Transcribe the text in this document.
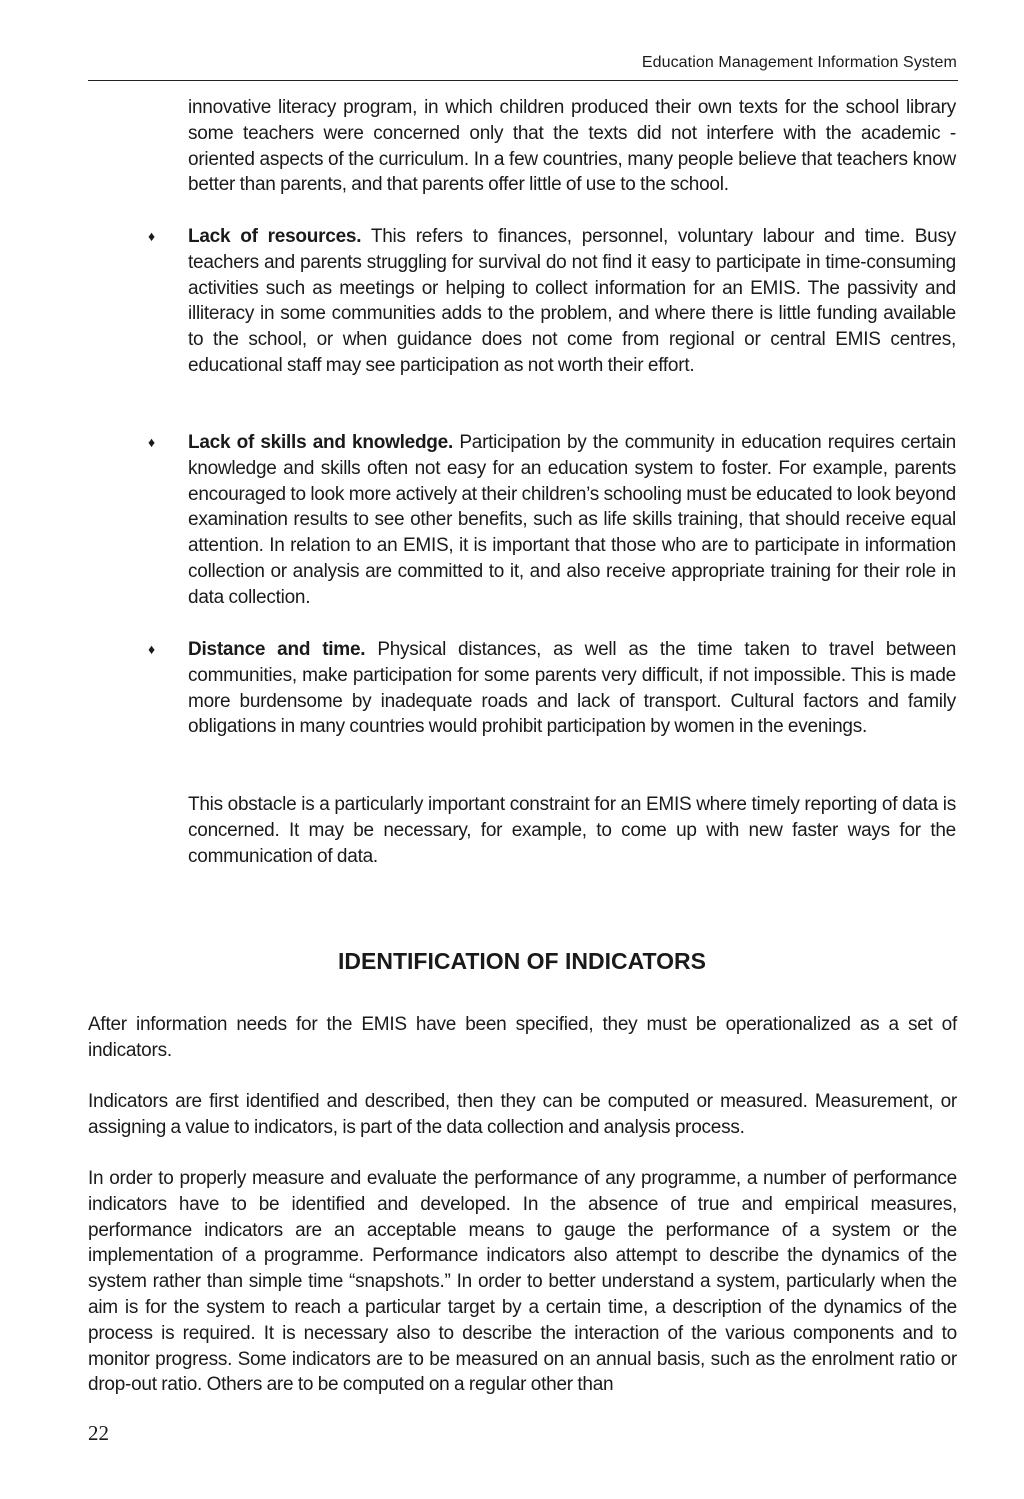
Education Management Information System

innovative literacy program, in which children produced their own texts for the school library some teachers were concerned only that the texts did not interfere with the academic - oriented aspects of the curriculum. In a few countries, many people believe that teachers know better than parents, and that parents offer little of use to the school.

♦ Lack of resources. This refers to finances, personnel, voluntary labour and time. Busy teachers and parents struggling for survival do not find it easy to participate in time-consuming activities such as meetings or helping to collect information for an EMIS. The passivity and illiteracy in some communities adds to the problem, and where there is little funding available to the school, or when guidance does not come from regional or central EMIS centres, educational staff may see participation as not worth their effort.

♦ Lack of skills and knowledge. Participation by the community in education requires certain knowledge and skills often not easy for an education system to foster. For example, parents encouraged to look more actively at their children’s schooling must be educated to look beyond examination results to see other benefits, such as life skills training, that should receive equal attention. In relation to an EMIS, it is important that those who are to participate in information collection or analysis are committed to it, and also receive appropriate training for their role in data collection.

♦ Distance and time. Physical distances, as well as the time taken to travel between communities, make participation for some parents very difficult, if not impossible. This is made more burdensome by inadequate roads and lack of transport. Cultural factors and family obligations in many countries would prohibit participation by women in the evenings.

This obstacle is a particularly important constraint for an EMIS where timely reporting of data is concerned. It may be necessary, for example, to come up with new faster ways for the communication of data.

IDENTIFICATION OF INDICATORS

After information needs for the EMIS have been specified, they must be operationalized as a set of indicators.

Indicators are first identified and described, then they can be computed or measured. Measurement, or assigning a value to indicators, is part of the data collection and analysis process.

In order to properly measure and evaluate the performance of any programme, a number of performance indicators have to be identified and developed. In the absence of true and empirical measures, performance indicators are an acceptable means to gauge the performance of a system or the implementation of a programme. Performance indicators also attempt to describe the dynamics of the system rather than simple time “snapshots.” In order to better understand a system, particularly when the aim is for the system to reach a particular target by a certain time, a description of the dynamics of the process is required. It is necessary also to describe the interaction of the various components and to monitor progress. Some indicators are to be measured on an annual basis, such as the enrolment ratio or drop-out ratio. Others are to be computed on a regular other than

22
